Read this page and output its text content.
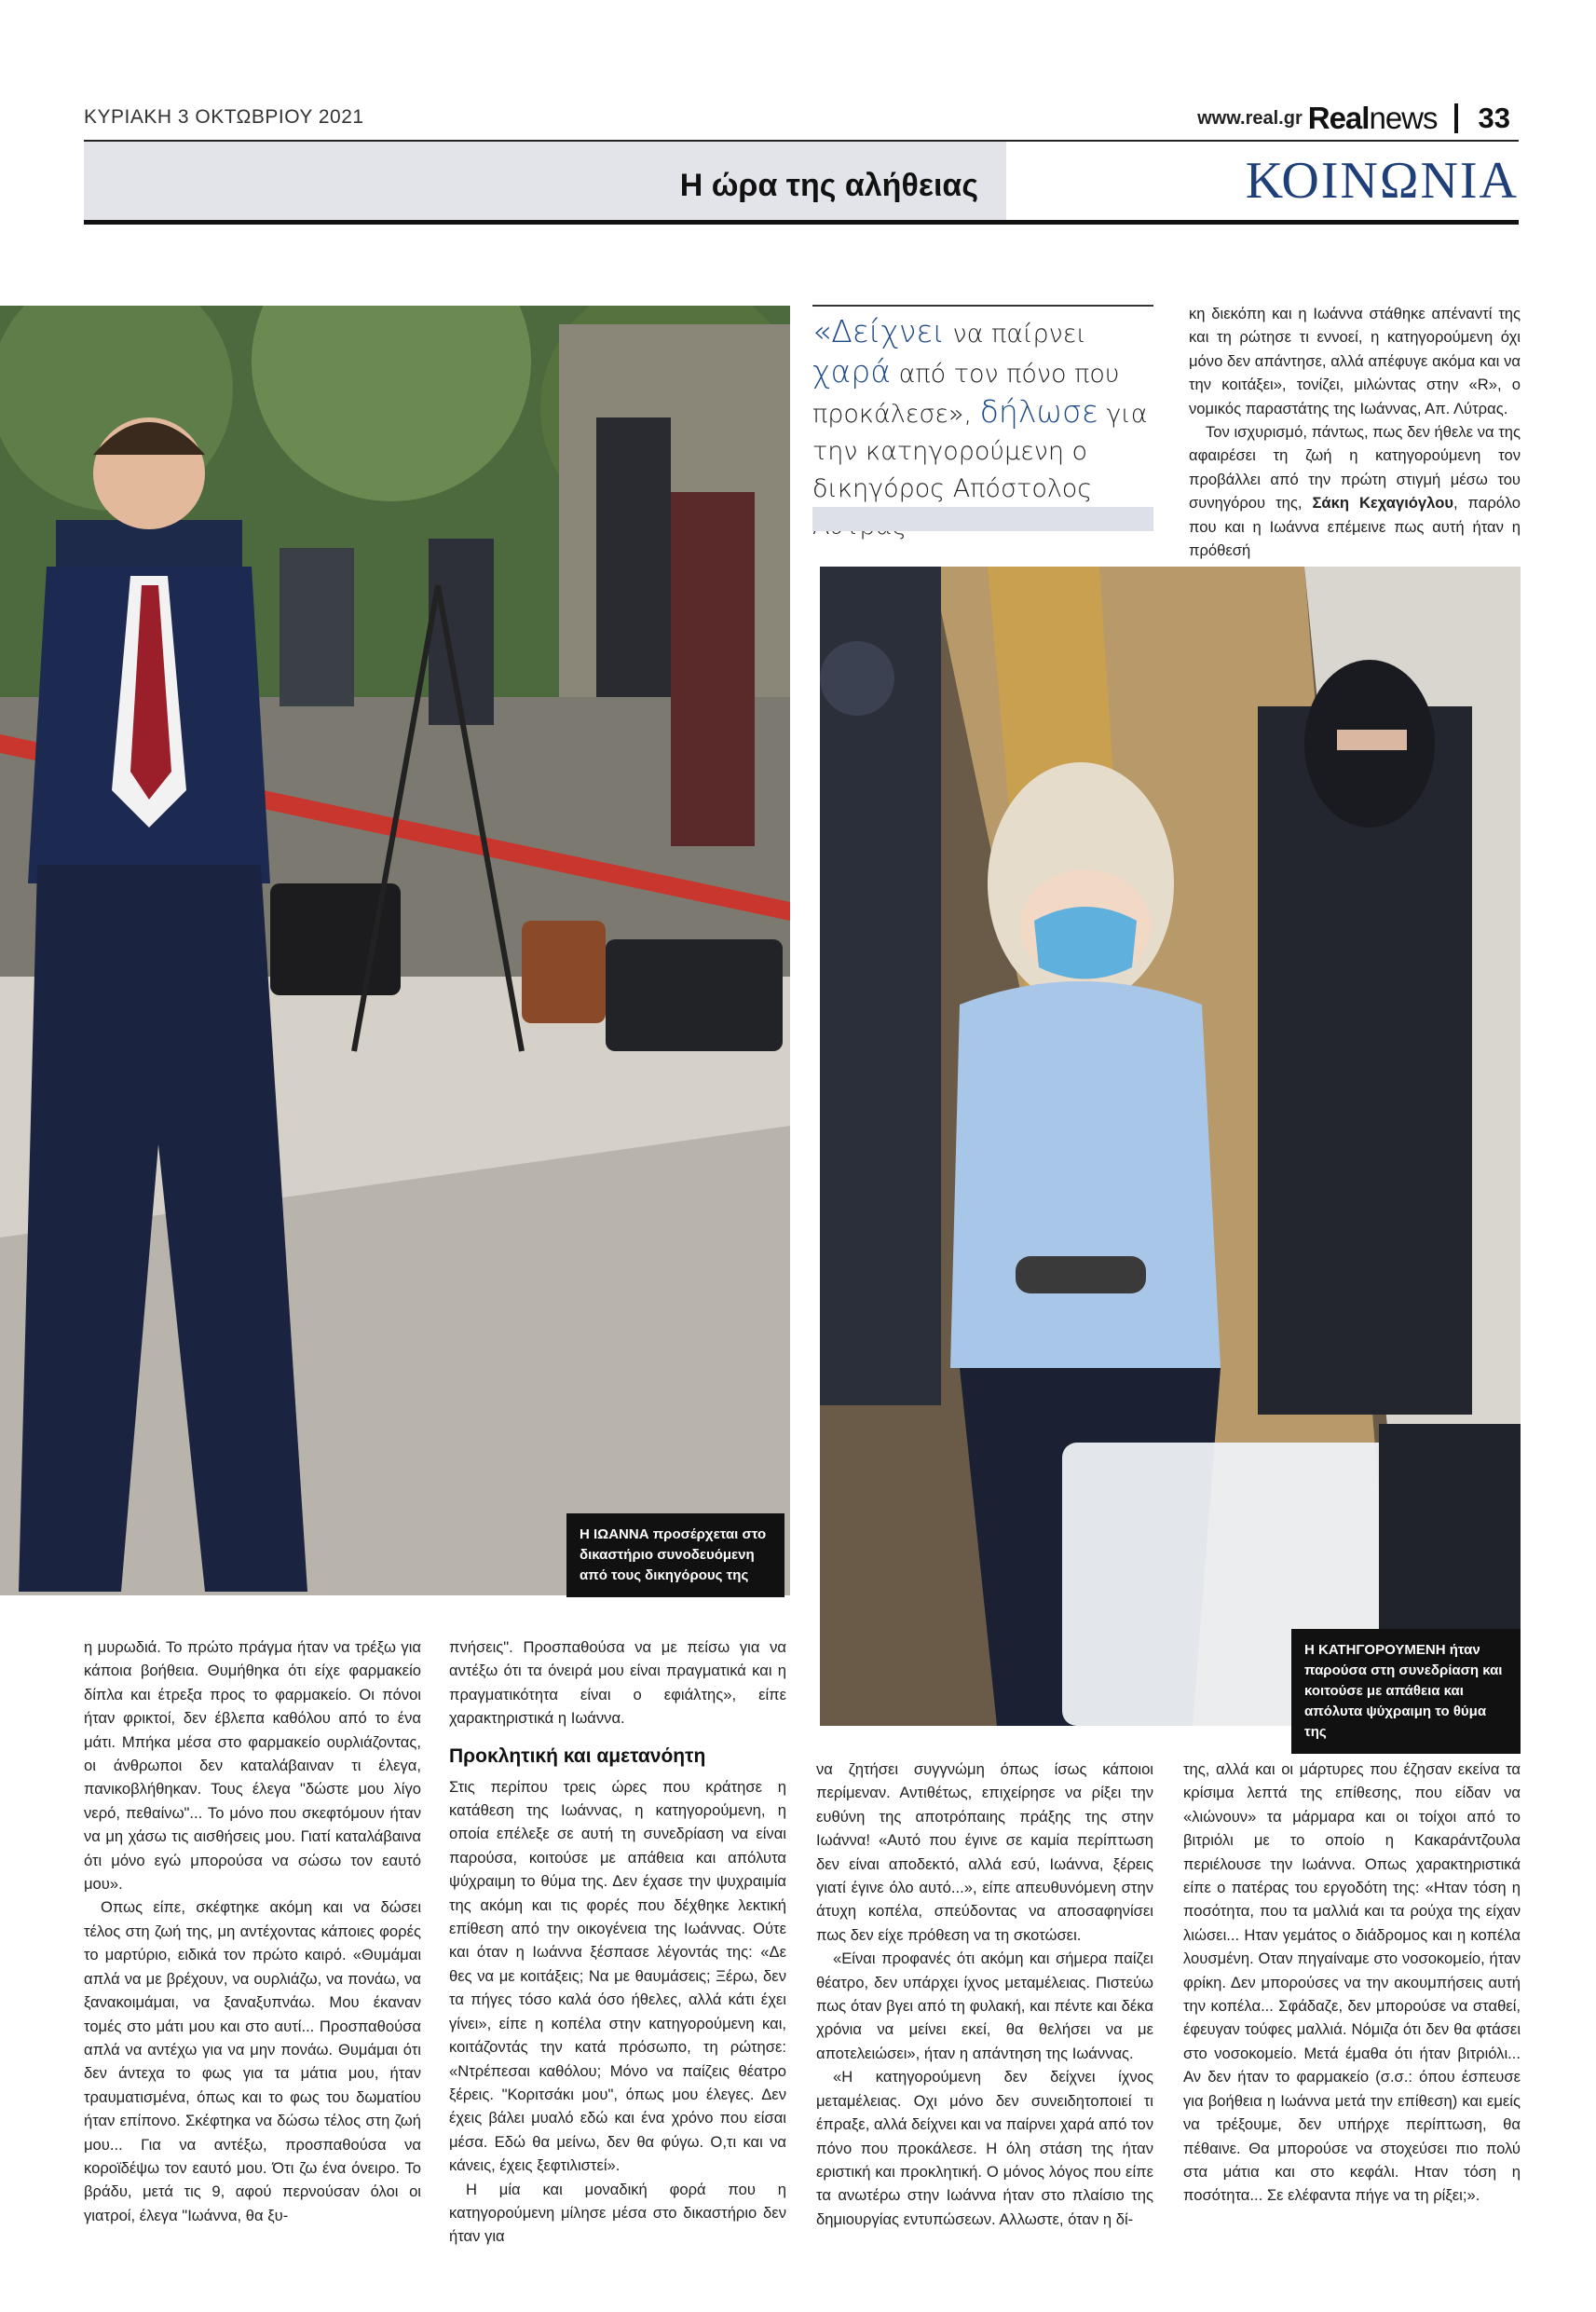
ΚΥΡΙΑΚΗ 3 ΟΚΤΩΒΡΙΟΥ 2021	www.real.gr Realnews 33
Η ώρα της αλήθειας	ΚΟΙΝΩΝΙΑ
Η ΙΩΑΝΝΑ προσέρχεται στο δικαστήριο συνοδευόμενη από τους δικηγόρους της
«Δείχνει να παίρνει χαρά από τον πόνο που προκάλεσε», δήλωσε για την κατηγορούμενη ο δικηγόρος Απόστολος

κη διεκόπη και η Ιωάννα στάθηκε απέναντί της και τη ρώτησε τι εννοεί, η κατηγορούμενη όχι μόνο δεν απάντησε, αλλά απέφυγε ακόμα και να την κοιτάξει», τονίζει, μιλώντας στην «R», ο νομικός παραστάτης της Ιωάννας, Απ. Λύτρας.

Τον ισχυρισμό, πάντως, πως δεν ήθελε να της αφαιρέσει τη ζωή η κατηγορούμενη τον προβάλλει από την πρώτη στιγμή μέσω του συνηγόρου της, Σάκη Κεχαγιόγλου, παρόλο που και η Ιωάννα επέμεινε πως αυτή ήταν η πρόθεσή

Η ΚΑΤΗΓΟΡΟΥΜΕΝΗ ήταν παρούσα στη συνεδρίαση και κοιτούσε με απάθεια και απόλυτα ψύχραιμη το θύμα της

η μυρωδιά. Το πρώτο πράγμα ήταν να τρέξω για κάποια βοήθεια. Θυμήθηκα ότι είχε φαρμακείο δίπλα και έτρεξα προς το φαρμακείο. Οι πόνοι ήταν φρικτοί, δεν έβλεπα καθόλου από το ένα μάτι. Μπήκα μέσα στο φαρμακείο ουρλιάζοντας, οι άνθρωποι δεν καταλάβαιναν τι έλεγα, πανικοβλήθηκαν. Τους έλεγα "δώστε μου λίγο νερό, πεθαίνω"... Το μόνο που σκεφτόμουν ήταν να μη χάσω τις αισθήσεις μου. Γιατί καταλάβαινα ότι μόνο εγώ μπορούσα να σώσω τον εαυτό μου».

Οπως είπε, σκέφτηκε ακόμη και να δώσει τέλος στη ζωή της, μη αντέχοντας κάποιες φορές το μαρτύριο, ειδικά τον πρώτο καιρό. «Θυμάμαι απλά να με βρέχουν, να ουρλιάζω, να πονάω, να ξανακοιμάμαι, να ξαναξυπνάω. Μου έκαναν τομές στο μάτι μου και στο αυτί... Προσπαθούσα απλά να αντέχω για να μην πονάω. Θυμάμαι ότι δεν άντεχα το φως για τα μάτια μου, ήταν τραυματισμένα, όπως και το φως του δωματίου ήταν επίπονο. Σκέφτηκα να δώσω τέλος στη ζωή μου... Για να αντέξω, προσπαθούσα να κοροϊδέψω τον εαυτό μου. Ότι ζω ένα όνειρο. Το βράδυ, μετά τις 9, αφού περνούσαν όλοι οι γιατροί, έλεγα "Ιωάννα, θα ξυ-

πνήσεις". Προσπαθούσα να με πείσω για να αντέξω ότι τα όνειρά μου είναι πραγματικά και η πραγματικότητα είναι ο εφιάλτης», είπε χαρακτηριστικά η Ιωάννα.

Προκλητική και αμετανόητη

Στις περίπου τρεις ώρες που κράτησε η κατάθεση της Ιωάννας, η κατηγορούμενη, η οποία επέλεξε σε αυτή τη συνεδρίαση να είναι παρούσα, κοιτούσε με απάθεια και απόλυτα ψύχραιμη το θύμα της. Δεν έχασε την ψυχραιμία της ακόμη και τις φορές που δέχθηκε λεκτική επίθεση από την οικογένεια της Ιωάννας. Ούτε και όταν η Ιωάννα ξέσπασε λέγοντάς της: «Δε θες να με κοιτάξεις; Να με θαυμάσεις; Ξέρω, δεν τα πήγες τόσο καλά όσο ήθελες, αλλά κάτι έχει γίνει», είπε η κοπέλα στην κατηγορούμενη και, κοιτάζοντάς την κατά πρόσωπο, τη ρώτησε: «Ντρέπεσαι καθόλου; Μόνο να παίζεις θέατρο ξέρεις. "Κοριτσάκι μου", όπως μου έλεγες. Δεν έχεις βάλει μυαλό εδώ και ένα χρόνο που είσαι μέσα. Εδώ θα μείνω, δεν θα φύγω. Ο,τι και να κάνεις, έχεις ξεφτιλιστεί».

Η μία και μοναδική φορά που η κατηγορούμενη μίλησε μέσα στο δικαστήριο δεν ήταν για

να ζητήσει συγγνώμη όπως ίσως κάποιοι περίμεναν. Αντιθέτως, επιχείρησε να ρίξει την ευθύνη της αποτρόπαιης πράξης της στην Ιωάννα! «Αυτό που έγινε σε καμία περίπτωση δεν είναι αποδεκτό, αλλά εσύ, Ιωάννα, ξέρεις γιατί έγινε όλο αυτό...», είπε απευθυνόμενη στην άτυχη κοπέλα, σπεύδοντας να αποσαφηνίσει πως δεν είχε πρόθεση να τη σκοτώσει.

«Είναι προφανές ότι ακόμη και σήμερα παίζει θέατρο, δεν υπάρχει ίχνος μεταμέλειας. Πιστεύω πως όταν βγει από τη φυλακή, και πέντε και δέκα χρόνια να μείνει εκεί, θα θελήσει να με αποτελειώσει», ήταν η απάντηση της Ιωάννας.

«Η κατηγορούμενη δεν δείχνει ίχνος μεταμέλειας. Οχι μόνο δεν συνειδητοποιεί τι έπραξε, αλλά δείχνει και να παίρνει χαρά από τον πόνο που προκάλεσε. Η όλη στάση της ήταν εριστική και προκλητική. Ο μόνος λόγος που είπε τα ανωτέρω στην Ιωάννα ήταν στο πλαίσιο της δημιουργίας εντυπώσεων. Αλλωστε, όταν η δί-

της, αλλά και οι μάρτυρες που έζησαν εκείνα τα κρίσιμα λεπτά της επίθεσης, που είδαν να «λιώνουν» τα μάρμαρα και οι τοίχοι από το βιτριόλι με το οποίο η Κακαράντζουλα περιέλουσε την Ιωάννα. Οπως χαρακτηριστικά είπε ο πατέρας του εργοδότη της: «Ηταν τόση η ποσότητα, που τα μαλλιά και τα ρούχα της είχαν λιώσει... Ηταν γεμάτος ο διάδρομος και η κοπέλα λουσμένη. Οταν πηγαίναμε στο νοσοκομείο, ήταν φρίκη. Δεν μπορούσες να την ακουμπήσεις αυτή την κοπέλα... Σφάδαζε, δεν μπορούσε να σταθεί, έφευγαν τούφες μαλλιά. Νόμιζα ότι δεν θα φτάσει στο νοσοκομείο. Μετά έμαθα ότι ήταν βιτριόλι... Αν δεν ήταν το φαρμακείο (σ.σ.: όπου έσπευσε για βοήθεια η Ιωάννα μετά την επίθεση) και εμείς να τρέξουμε, δεν υπήρχε περίπτωση, θα πέθαινε. Θα μπορούσε να στοχεύσει πιο πολύ στα μάτια και στο κεφάλι. Ηταν τόση η ποσότητα... Σε ελέφαντα πήγε να τη ρίξει;».
